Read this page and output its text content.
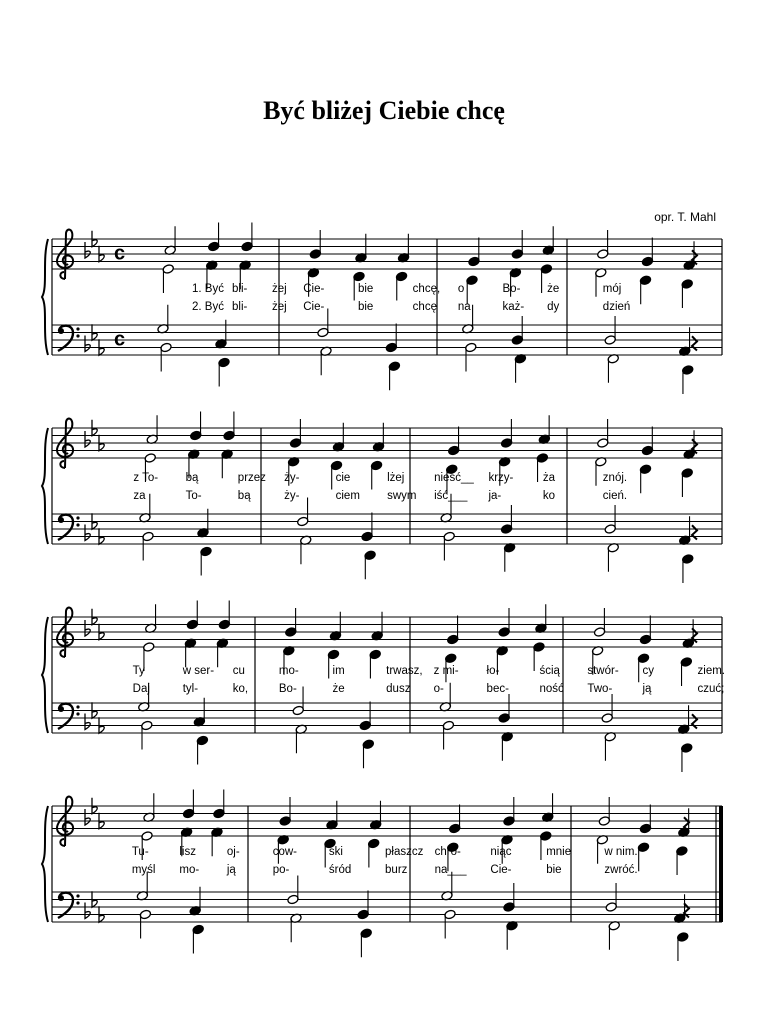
Być bliżej Ciebie chcę
opr. T. Mahl
c
c
1. Być bli- żej
2. Być bli- żej
Cie-	bie	chcę,
Cie-	bie	chcę
o	Bo- że
na	każ- dy
mój
dzień
z To- bą	przez
za	To-	bą
ży-	cie	lżej
ży-	ciem swym
nieść__ krzy-	ża
iść___ ja-	ko
znój.
cień.
Ty	w ser- cu
Daj	tyl-	ko,
mo-	im	trwasz,
Bo-	że	dusz
z mi- ło-	ścią
o-	bec-	ność
stwór- cy	ziem.
Two-	ją	czuć;
Tu-	lisz	oj-
myśl mo- ją
cow-	ski	płaszcz
po-	śród	burz
chro-	niąc	mnie
na___ Cie-	bie
w nim.
zwróć.
